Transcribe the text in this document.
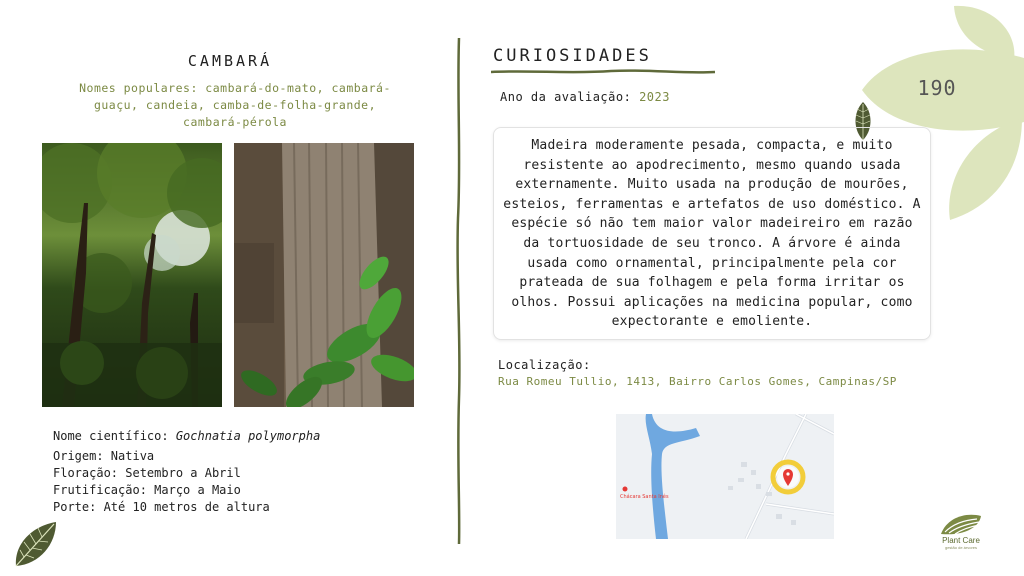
CAMBARÁ
Nomes populares: cambará-do-mato, cambará-guaçu, candeia, camba-de-folha-grande, cambará-pérola
Nome científico: Gochnatia polymorpha
Origem: Nativa
Floração: Setembro a Abril
Frutificação: Março a Maio
Porte: Até 10 metros de altura
CURIOSIDADES
Ano da avaliação: 2023	190
Madeira moderamente pesada, compacta, e muito resistente ao apodrecimento, mesmo quando usada externamente. Muito usada na produção de mourões, esteios, ferramentas e artefatos de uso doméstico. A espécie só não tem maior valor madeireiro em razão da tortuosidade de seu tronco. A árvore é ainda usada como ornamental, principalmente pela cor prateada de sua folhagem e pela forma irritar os olhos. Possui aplicações na medicina popular, como expectorante e emoliente.
Localização:
Rua Romeu Tullio, 1413, Bairro Carlos Gomes, Campinas/SP
Chácara Santa Inês
Plant Care
gestão de árvores
